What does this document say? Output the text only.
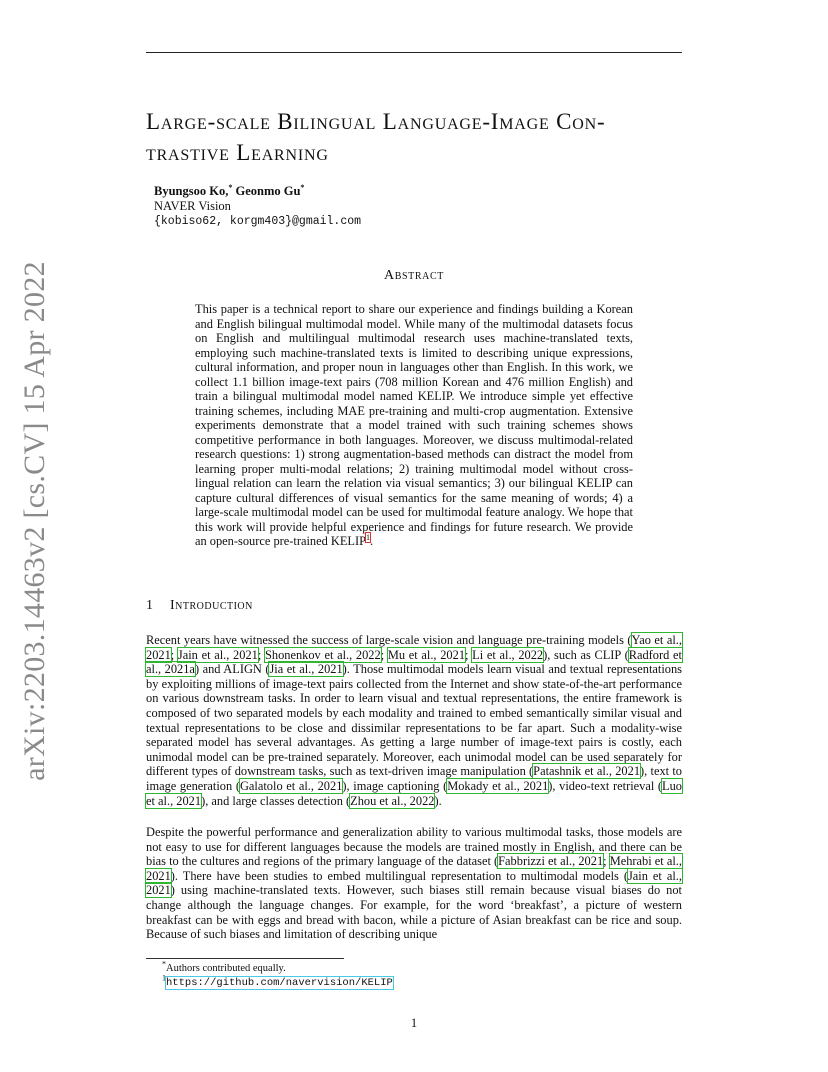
arXiv:2203.14463v2 [cs.CV] 15 Apr 2022
Large-scale Bilingual Language-Image Con- trastive Learning
Byungsoo Ko,* Geonmo Gu*
NAVER Vision
{kobiso62, korgm403}@gmail.com
Abstract

This paper is a technical report to share our experience and findings building a Korean and English bilingual multimodal model. While many of the multimodal datasets focus on English and multilingual multimodal research uses machine-translated texts, employing such machine-translated texts is limited to describing unique expressions, cultural information, and proper noun in languages other than English. In this work, we collect 1.1 billion image-text pairs (708 million Korean and 476 million English) and train a bilingual multimodal model named KELIP. We introduce simple yet effective training schemes, including MAE pre-training and multi-crop augmentation. Extensive experiments demonstrate that a model trained with such training schemes shows competitive performance in both languages. Moreover, we discuss multimodal-related research questions: 1) strong augmentation-based methods can distract the model from learning proper multi-modal relations; 2) training multimodal model without cross-lingual relation can learn the relation via visual semantics; 3) our bilingual KELIP can capture cultural differences of visual semantics for the same meaning of words; 4) a large-scale multimodal model can be used for multimodal feature analogy. We hope that this work will provide helpful experience and findings for future research. We provide an open-source pre-trained KELIP$^1$.

1 Introduction

Recent years have witnessed the success of large-scale vision and language pre-training models (Yao et al., 2021; Jain et al., 2021; Shonenkov et al., 2022; Mu et al., 2021; Li et al., 2022), such as CLIP (Radford et al., 2021a) and ALIGN (Jia et al., 2021). Those multimodal models learn visual and textual representations by exploiting millions of image-text pairs collected from the Internet and show state-of-the-art performance on various downstream tasks. In order to learn visual and textual representations, the entire framework is composed of two separated models by each modality and trained to embed semantically similar visual and textual representations to be close and dissimilar representations to be far apart. Such a modality-wise separated model has several advantages. As getting a large number of image-text pairs is costly, each unimodal model can be pre-trained separately. Moreover, each unimodal model can be used separately for different types of downstream tasks, such as text-driven image manipulation (Patashnik et al., 2021), text to image generation (Galatolo et al., 2021), image captioning (Mokady et al., 2021), video-text retrieval (Luo et al., 2021), and large classes detection (Zhou et al., 2022).

Despite the powerful performance and generalization ability to various multimodal tasks, those models are not easy to use for different languages because the models are trained mostly in English, and there can be bias to the cultures and regions of the primary language of the dataset (Fabbrizzi et al., 2021; Mehrabi et al., 2021). There have been studies to embed multilingual representation to multimodal models (Jain et al., 2021) using machine-translated texts. However, such biases still remain because visual biases do not change although the language changes. For example, for the word ‘breakfast’, a picture of western breakfast can be with eggs and bread with bacon, while a picture of Asian breakfast can be rice and soup. Because of such biases and limitation of describing unique

*Authors contributed equally.
$^1$https://github.com/navervision/KELIP
1
